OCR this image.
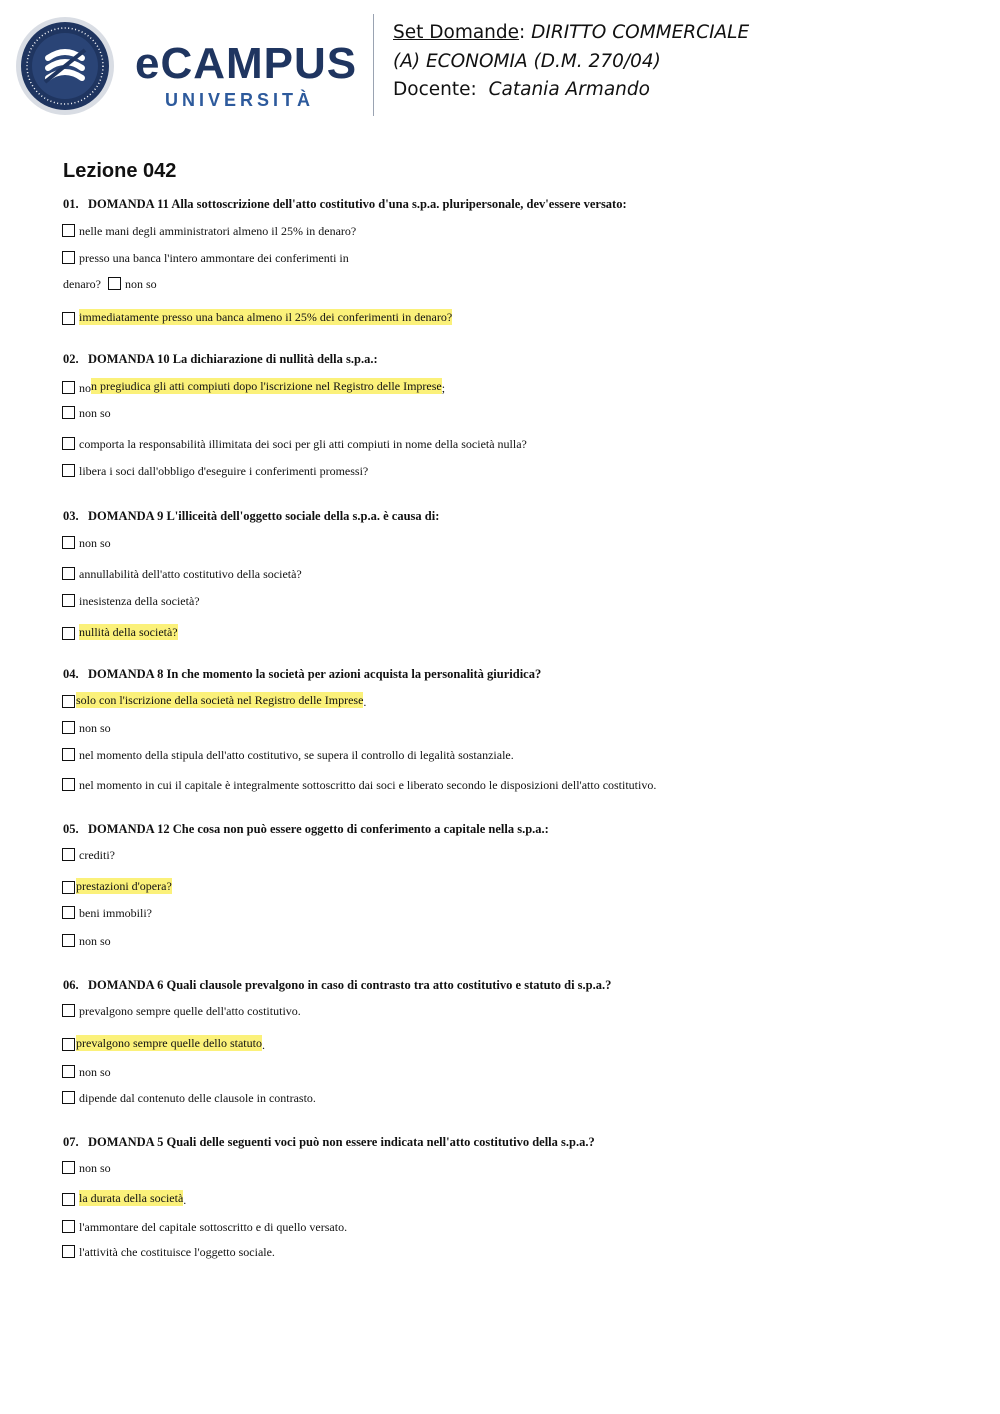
eCAMPUS
UNIVERSITÀ
Set Domande: DIRITTO COMMERCIALE
(A) ECONOMIA (D.M. 270/04)
Docente: Catania Armando
Lezione 042
01. DOMANDA 11 Alla sottoscrizione dell'atto costitutivo d'una s.p.a. pluripersonale, dev'essere versato:
nelle mani degli amministratori almeno il 25% in denaro?
presso una banca l'intero ammontare dei conferimenti in
denaro? non so
immediatamente presso una banca almeno il 25% dei conferimenti in denaro?
02. DOMANDA 10 La dichiarazione di nullità della s.p.a.:
no n pregiudica gli atti compiuti dopo l'iscrizione nel Registro delle Imprese ;
non so
comporta la responsabilità illimitata dei soci per gli atti compiuti in nome della società nulla?
libera i soci dall'obbligo d'eseguire i conferimenti promessi?
03. DOMANDA 9 L'illiceità dell'oggetto sociale della s.p.a. è causa di:
non so
annullabilità dell'atto costitutivo della società?
inesistenza della società?
nullità della società?
04. DOMANDA 8 In che momento la società per azioni acquista la personalità giuridica?
solo con l'iscrizione della società nel Registro delle Imprese .
non so
nel momento della stipula dell'atto costitutivo, se supera il controllo di legalità sostanziale.
nel momento in cui il capitale è integralmente sottoscritto dai soci e liberato secondo le disposizioni dell'atto costitutivo.
05. DOMANDA 12 Che cosa non può essere oggetto di conferimento a capitale nella s.p.a.:
crediti?
prestazioni d'opera?
beni immobili?
non so
06. DOMANDA 6 Quali clausole prevalgono in caso di contrasto tra atto costitutivo e statuto di s.p.a.?
prevalgono sempre quelle dell'atto costitutivo.
prevalgono sempre quelle dello statuto .
non so
dipende dal contenuto delle clausole in contrasto.
07. DOMANDA 5 Quali delle seguenti voci può non essere indicata nell'atto costitutivo della s.p.a.?
non so
la durata della società .
l'ammontare del capitale sottoscritto e di quello versato.
l'attività che costituisce l'oggetto sociale.
